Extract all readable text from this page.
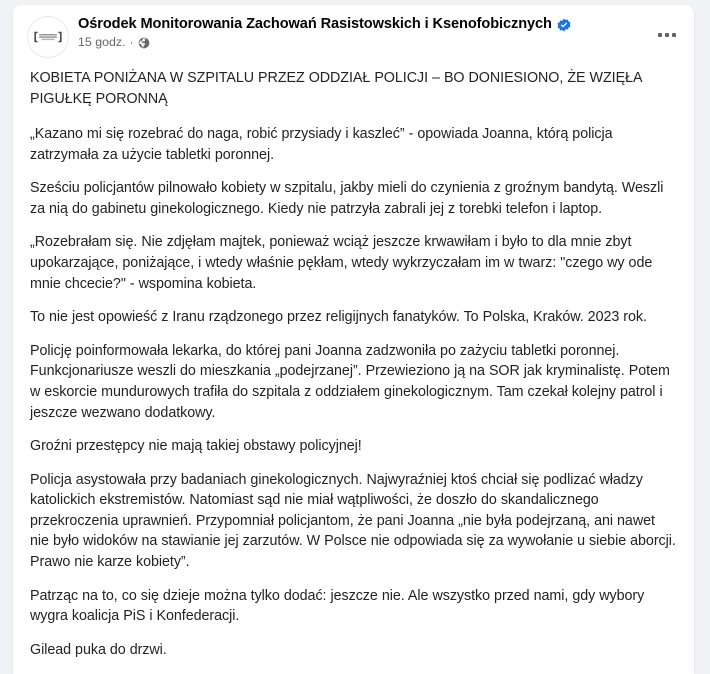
Ośrodek Monitorowania Zachowań Rasistowskich i Ksenofobicznych
15 godz. ·

KOBIETA PONIŻANA W SZPITALU PRZEZ ODDZIAŁ POLICJI – BO DONIESIONO, ŻE WZIĘŁA PIGUŁKĘ PORONNĄ

„Kazano mi się rozebrać do naga, robić przysiady i kaszleć” - opowiada Joanna, którą policja zatrzymała za użycie tabletki poronnej.

Sześciu policjantów pilnowało kobiety w szpitalu, jakby mieli do czynienia z groźnym bandytą. Weszli za nią do gabinetu ginekologicznego. Kiedy nie patrzyła zabrali jej z torebki telefon i laptop.

„Rozebrałam się. Nie zdjęłam majtek, ponieważ wciąż jeszcze krwawiłam i było to dla mnie zbyt upokarzające, poniżające, i wtedy właśnie pękłam, wtedy wykrzyczałam im w twarz: "czego wy ode mnie chcecie?" - wspomina kobieta.

To nie jest opowieść z Iranu rządzonego przez religijnych fanatyków. To Polska, Kraków. 2023 rok.

Policję poinformowała lekarka, do której pani Joanna zadzwoniła po zażyciu tabletki poronnej. Funkcjonariusze weszli do mieszkania „podejrzanej”. Przewieziono ją na SOR jak kryminalistę. Potem w eskorcie mundurowych trafiła do szpitala z oddziałem ginekologicznym. Tam czekał kolejny patrol i jeszcze wezwano dodatkowy.

Groźni przestępcy nie mają takiej obstawy policyjnej!

Policja asystowała przy badaniach ginekologicznych. Najwyraźniej ktoś chciał się podlizać władzy katolickich ekstremistów. Natomiast sąd nie miał wątpliwości, że doszło do skandalicznego przekroczenia uprawnień. Przypomniał policjantom, że pani Joanna „nie była podejrzaną, ani nawet nie było widoków na stawianie jej zarzutów. W Polsce nie odpowiada się za wywołanie u siebie aborcji. Prawo nie karze kobiety”.

Patrząc na to, co się dzieje można tylko dodać: jeszcze nie. Ale wszystko przed nami, gdy wybory wygra koalicja PiS i Konfederacji.

Gilead puka do drzwi.
